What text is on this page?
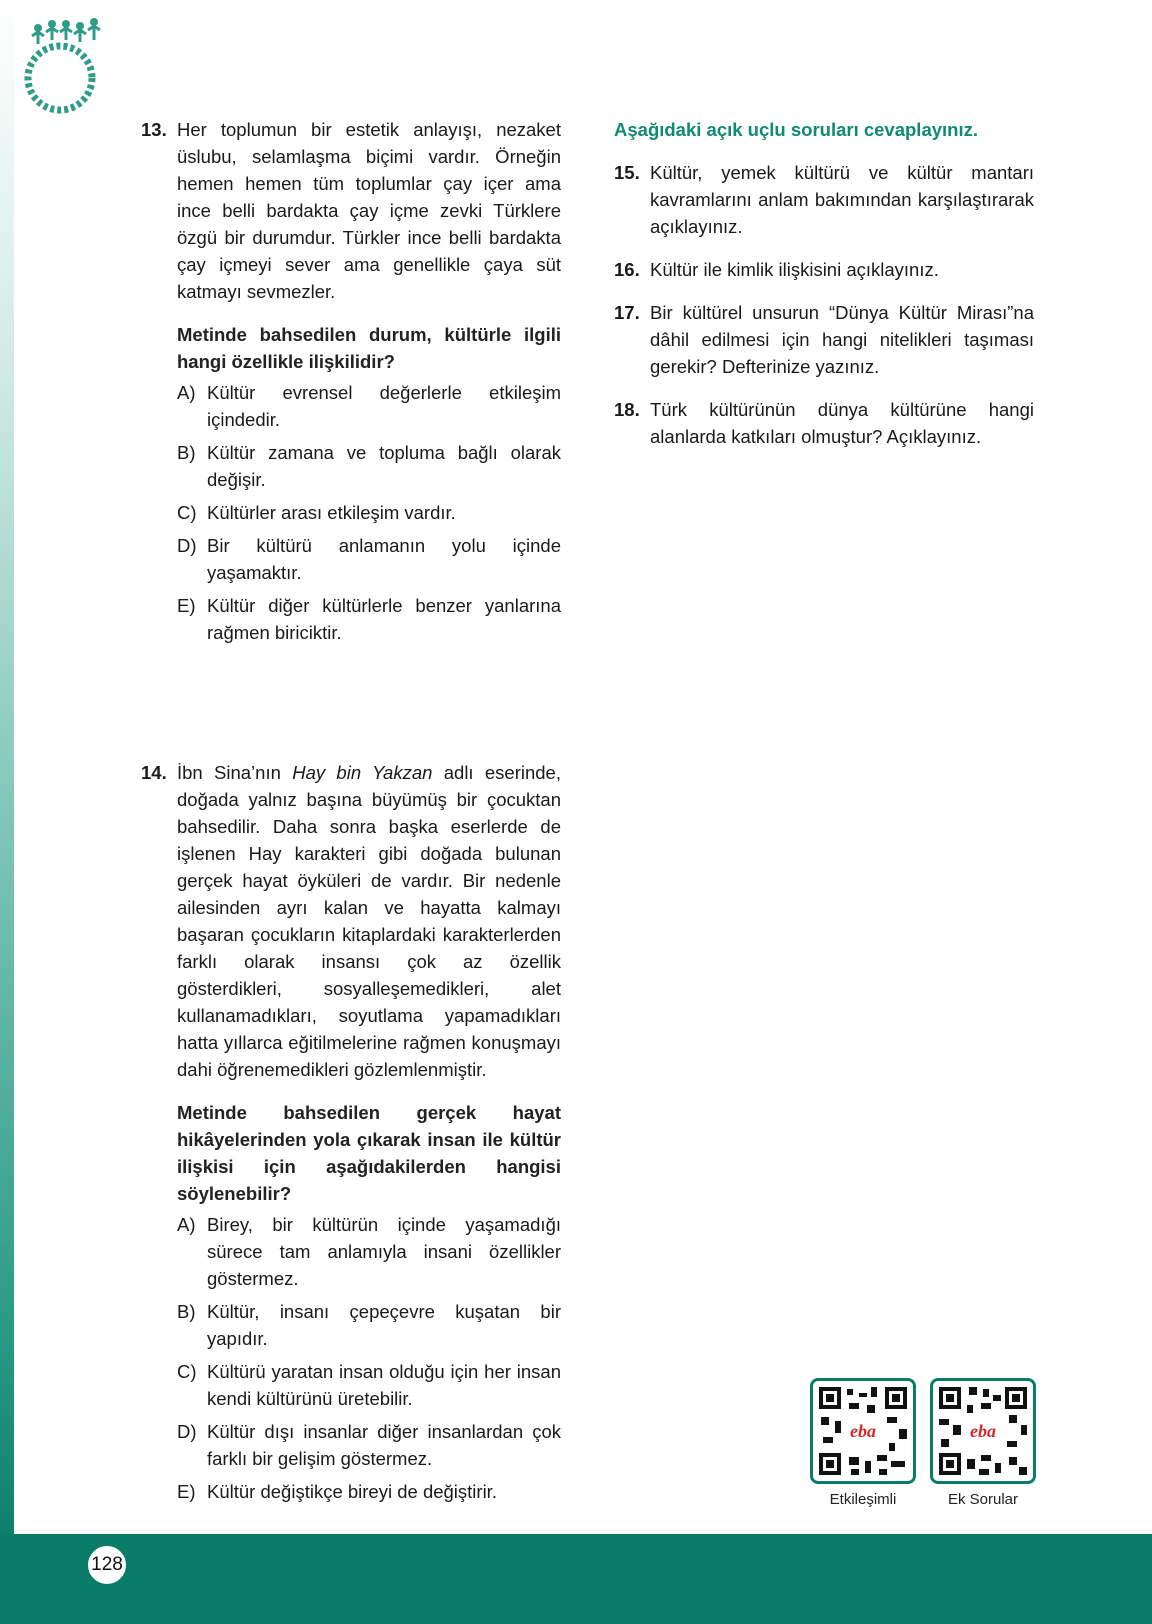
13. Her toplumun bir estetik anlayışı, nezaket üslubu, selamlaşma biçimi vardır. Örneğin hemen hemen tüm toplumlar çay içer ama ince belli bardakta çay içme zevki Türklere özgü bir durumdur. Türkler ince belli bardakta çay içmeyi sever ama genellikle çaya süt katmayı sevmezler.
Metinde bahsedilen durum, kültürle ilgili hangi özellikle ilişkilidir?
A) Kültür evrensel değerlerle etkileşim içindedir.
B) Kültür zamana ve topluma bağlı olarak değişir.
C) Kültürler arası etkileşim vardır.
D) Bir kültürü anlamanın yolu içinde yaşamaktır.
E) Kültür diğer kültürlerle benzer yanlarına rağmen biriciktir.
14. İbn Sina’nın Hay bin Yakzan adlı eserinde, doğada yalnız başına büyümüş bir çocuktan bahsedilir. Daha sonra başka eserlerde de işlenen Hay karakteri gibi doğada bulunan gerçek hayat öyküleri de vardır. Bir nedenle ailesinden ayrı kalan ve hayatta kalmayı başaran çocukların kitaplardaki karakterlerden farklı olarak insansı çok az özellik gösterdikleri, sosyalleşemedikleri, alet kullanamadıkları, soyutlama yapamadıkları hatta yıllarca eğitilmelerine rağmen konuşmayı dahi öğrenemedikleri gözlemlenmiştir.
Metinde bahsedilen gerçek hayat hikâyelerinden yola çıkarak insan ile kültür ilişkisi için aşağıdakilerden hangisi söylenebilir?
A) Birey, bir kültürün içinde yaşamadığı sürece tam anlamıyla insani özellikler göstermez.
B) Kültür, insanı çepeçevre kuşatan bir yapıdır.
C) Kültürü yaratan insan olduğu için her insan kendi kültürünü üretebilir.
D) Kültür dışı insanlar diğer insanlardan çok farklı bir gelişim göstermez.
E) Kültür değiştikçe bireyi de değiştirir.
Aşağıdaki açık uçlu soruları cevaplayınız.
15. Kültür, yemek kültürü ve kültür mantarı kavramlarını anlam bakımından karşılaştırarak açıklayınız.
16. Kültür ile kimlik ilişkisini açıklayınız.
17. Bir kültürel unsurun “Dünya Kültür Mirası”na dâhil edilmesi için hangi nitelikleri taşıması gerekir? Defterinize yazınız.
18. Türk kültürünün dünya kültürüne hangi alanlarda katkıları olmuştur? Açıklayınız.
eba
Etkileşimli
eba
Ek Sorular
128
